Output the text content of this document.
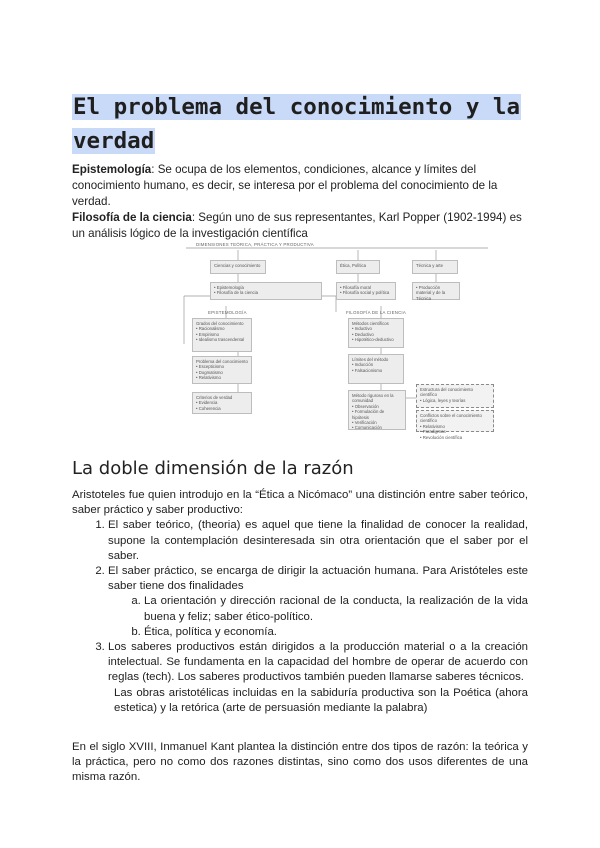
El problema del conocimiento y la
verdad

Epistemología: Se ocupa de los elementos, condiciones, alcance y límites del conocimiento humano, es decir, se interesa por el problema del conocimiento de la verdad.

Filosofía de la ciencia: Según uno de sus representantes, Karl Popper (1902-1994) es un análisis lógico de la investigación científica

DIMENSIONES TEÓRICA, PRÁCTICA Y PRODUCTIVA
Ciencias y conocimiento	Ética, Política	Técnica y arte
• Epistemología
• Filosofía de la ciencia
• Filosofía moral
• Filosofía social y política
• Producción material y de la Técnica
EPISTEMOLOGÍA	FILOSOFÍA DE LA CIENCIA
Grados del conocimiento
• Racionalismo
• Empirismo
• Idealismo trascendental
Problema del conocimiento
• Escepticismo
• Dogmatismo
• Relativismo
Criterios de verdad
• Evidencia
• Coherencia
Métodos científicos
• Inductivo
• Deductivo
• Hipotético-deductivo
Límites del método
• Inducción
• Falsacionismo
Método riguroso en la comunidad
• Observación
• Formulación de hipótesis
• Verificación
• Comunicación
Estructura del conocimiento científico
• Lógica, leyes y teorías
Conflictos sobre el conocimiento científico
• Relativismo
• Paradigmas
• Revolución científica
La doble dimensión de la razón

Aristoteles fue quien introdujo en la “Ética a Nicómaco” una distinción entre saber teórico, saber práctico y saber productivo:

1. El saber teórico, (theoria) es aquel que tiene la finalidad de conocer la realidad, supone la contemplación desinteresada sin otra orientación que el saber por el saber.
2. El saber práctico, se encarga de dirigir la actuación humana. Para Aristóteles este saber tiene dos finalidades
a. La orientación y dirección racional de la conducta, la realización de la vida buena y feliz; saber ético-político.
b. Ética, política y economía.
3. Los saberes productivos están dirigidos a la producción material o a la creación intelectual. Se fundamenta en la capacidad del hombre de operar de acuerdo con reglas (tech). Los saberes productivos también pueden llamarse saberes técnicos.
Las obras aristotélicas incluidas en la sabiduría productiva son la Poética (ahora estetica) y la retórica (arte de persuasión mediante la palabra)

En el siglo XVIII, Inmanuel Kant plantea la distinción entre dos tipos de razón: la teórica y la práctica, pero no como dos razones distintas, sino como dos usos diferentes de una misma razón.
